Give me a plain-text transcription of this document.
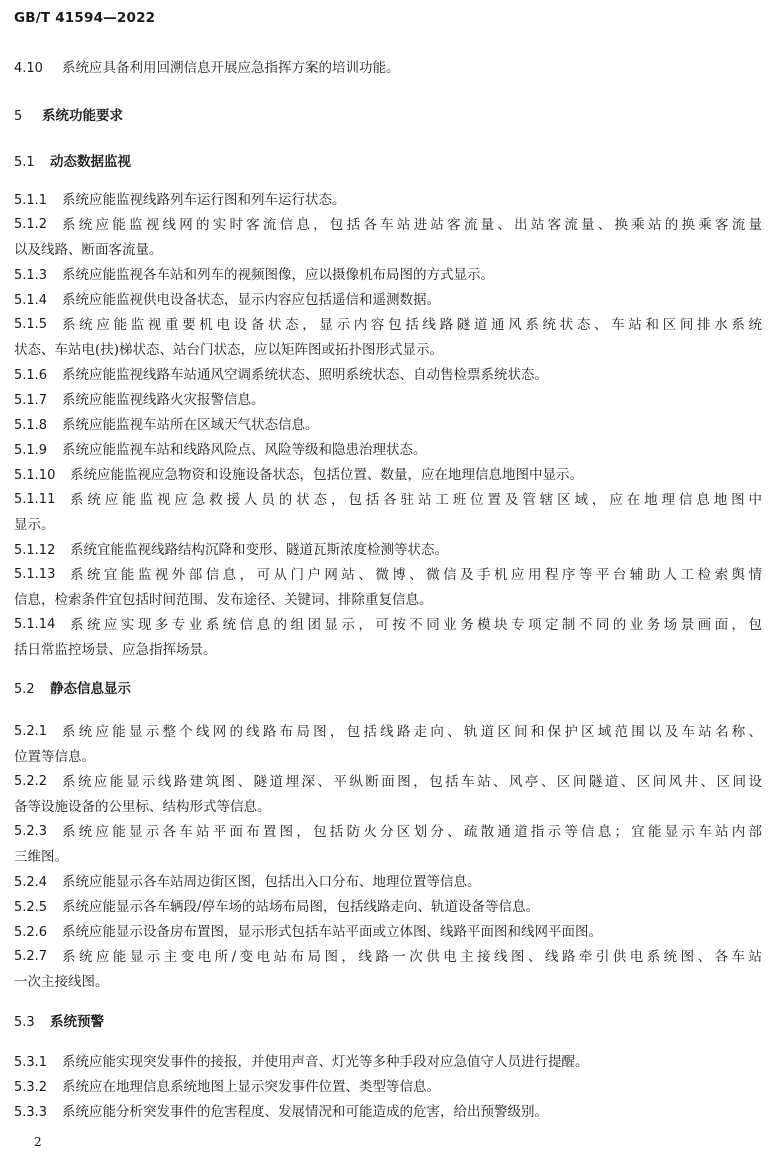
GB/T 41594—2022
4.10 系统应具备利用回溯信息开展应急指挥方案的培训功能。
5 系统功能要求
5.1 动态数据监视
5.1.1 系统应能监视线路列车运行图和列车运行状态。
5.1.2	系统应能监视线网的实时客流信息，包括各车站进站客流量、出站客流量、换乘站的换乘客流量
以及线路、断面客流量。
5.1.3 系统应能监视各车站和列车的视频图像，应以摄像机布局图的方式显示。
5.1.4 系统应能监视供电设备状态，显示内容应包括遥信和遥测数据。
5.1.5	系统应能监视重要机电设备状态，显示内容包括线路隧道通风系统状态、车站和区间排水系统
状态、车站电(扶)梯状态、站台门状态，应以矩阵图或拓扑图形式显示。
5.1.6 系统应能监视线路车站通风空调系统状态、照明系统状态、自动售检票系统状态。
5.1.7 系统应能监视线路火灾报警信息。
5.1.8 系统应能监视车站所在区域天气状态信息。
5.1.9 系统应能监视车站和线路风险点、风险等级和隐患治理状态。
5.1.10 系统应能监视应急物资和设施设备状态，包括位置、数量，应在地理信息地图中显示。
5.1.11	系统应能监视应急救援人员的状态，包括各驻站工班位置及管辖区域，应在地理信息地图中
显示。
5.1.12 系统宜能监视线路结构沉降和变形、隧道瓦斯浓度检测等状态。
5.1.13	系统宜能监视外部信息，可从门户网站、微博、微信及手机应用程序等平台辅助人工检索舆情
信息，检索条件宜包括时间范围、发布途径、关键词、排除重复信息。
5.1.14	系统应实现多专业系统信息的组团显示，可按不同业务模块专项定制不同的业务场景画面，包
括日常监控场景、应急指挥场景。
5.2 静态信息显示
5.2.1	系统应能显示整个线网的线路布局图，包括线路走向、轨道区间和保护区域范围以及车站名称、
位置等信息。
5.2.2	系统应能显示线路建筑图、隧道埋深、平纵断面图，包括车站、风亭、区间隧道、区间风井、区间设
备等设施设备的公里标、结构形式等信息。
5.2.3	系统应能显示各车站平面布置图，包括防火分区划分、疏散通道指示等信息；宜能显示车站内部
三维图。
5.2.4 系统应能显示各车站周边街区图，包括出入口分布、地理位置等信息。
5.2.5 系统应能显示各车辆段/停车场的站场布局图，包括线路走向、轨道设备等信息。
5.2.6 系统应能显示设备房布置图，显示形式包括车站平面或立体图、线路平面图和线网平面图。
5.2.7	系统应能显示主变电所/变电站布局图，线路一次供电主接线图、线路牵引供电系统图、各车站
一次主接线图。
5.3 系统预警
5.3.1 系统应能实现突发事件的接报，并使用声音、灯光等多种手段对应急值守人员进行提醒。
5.3.2 系统应在地理信息系统地图上显示突发事件位置、类型等信息。
5.3.3 系统应能分析突发事件的危害程度、发展情况和可能造成的危害，给出预警级别。
2
